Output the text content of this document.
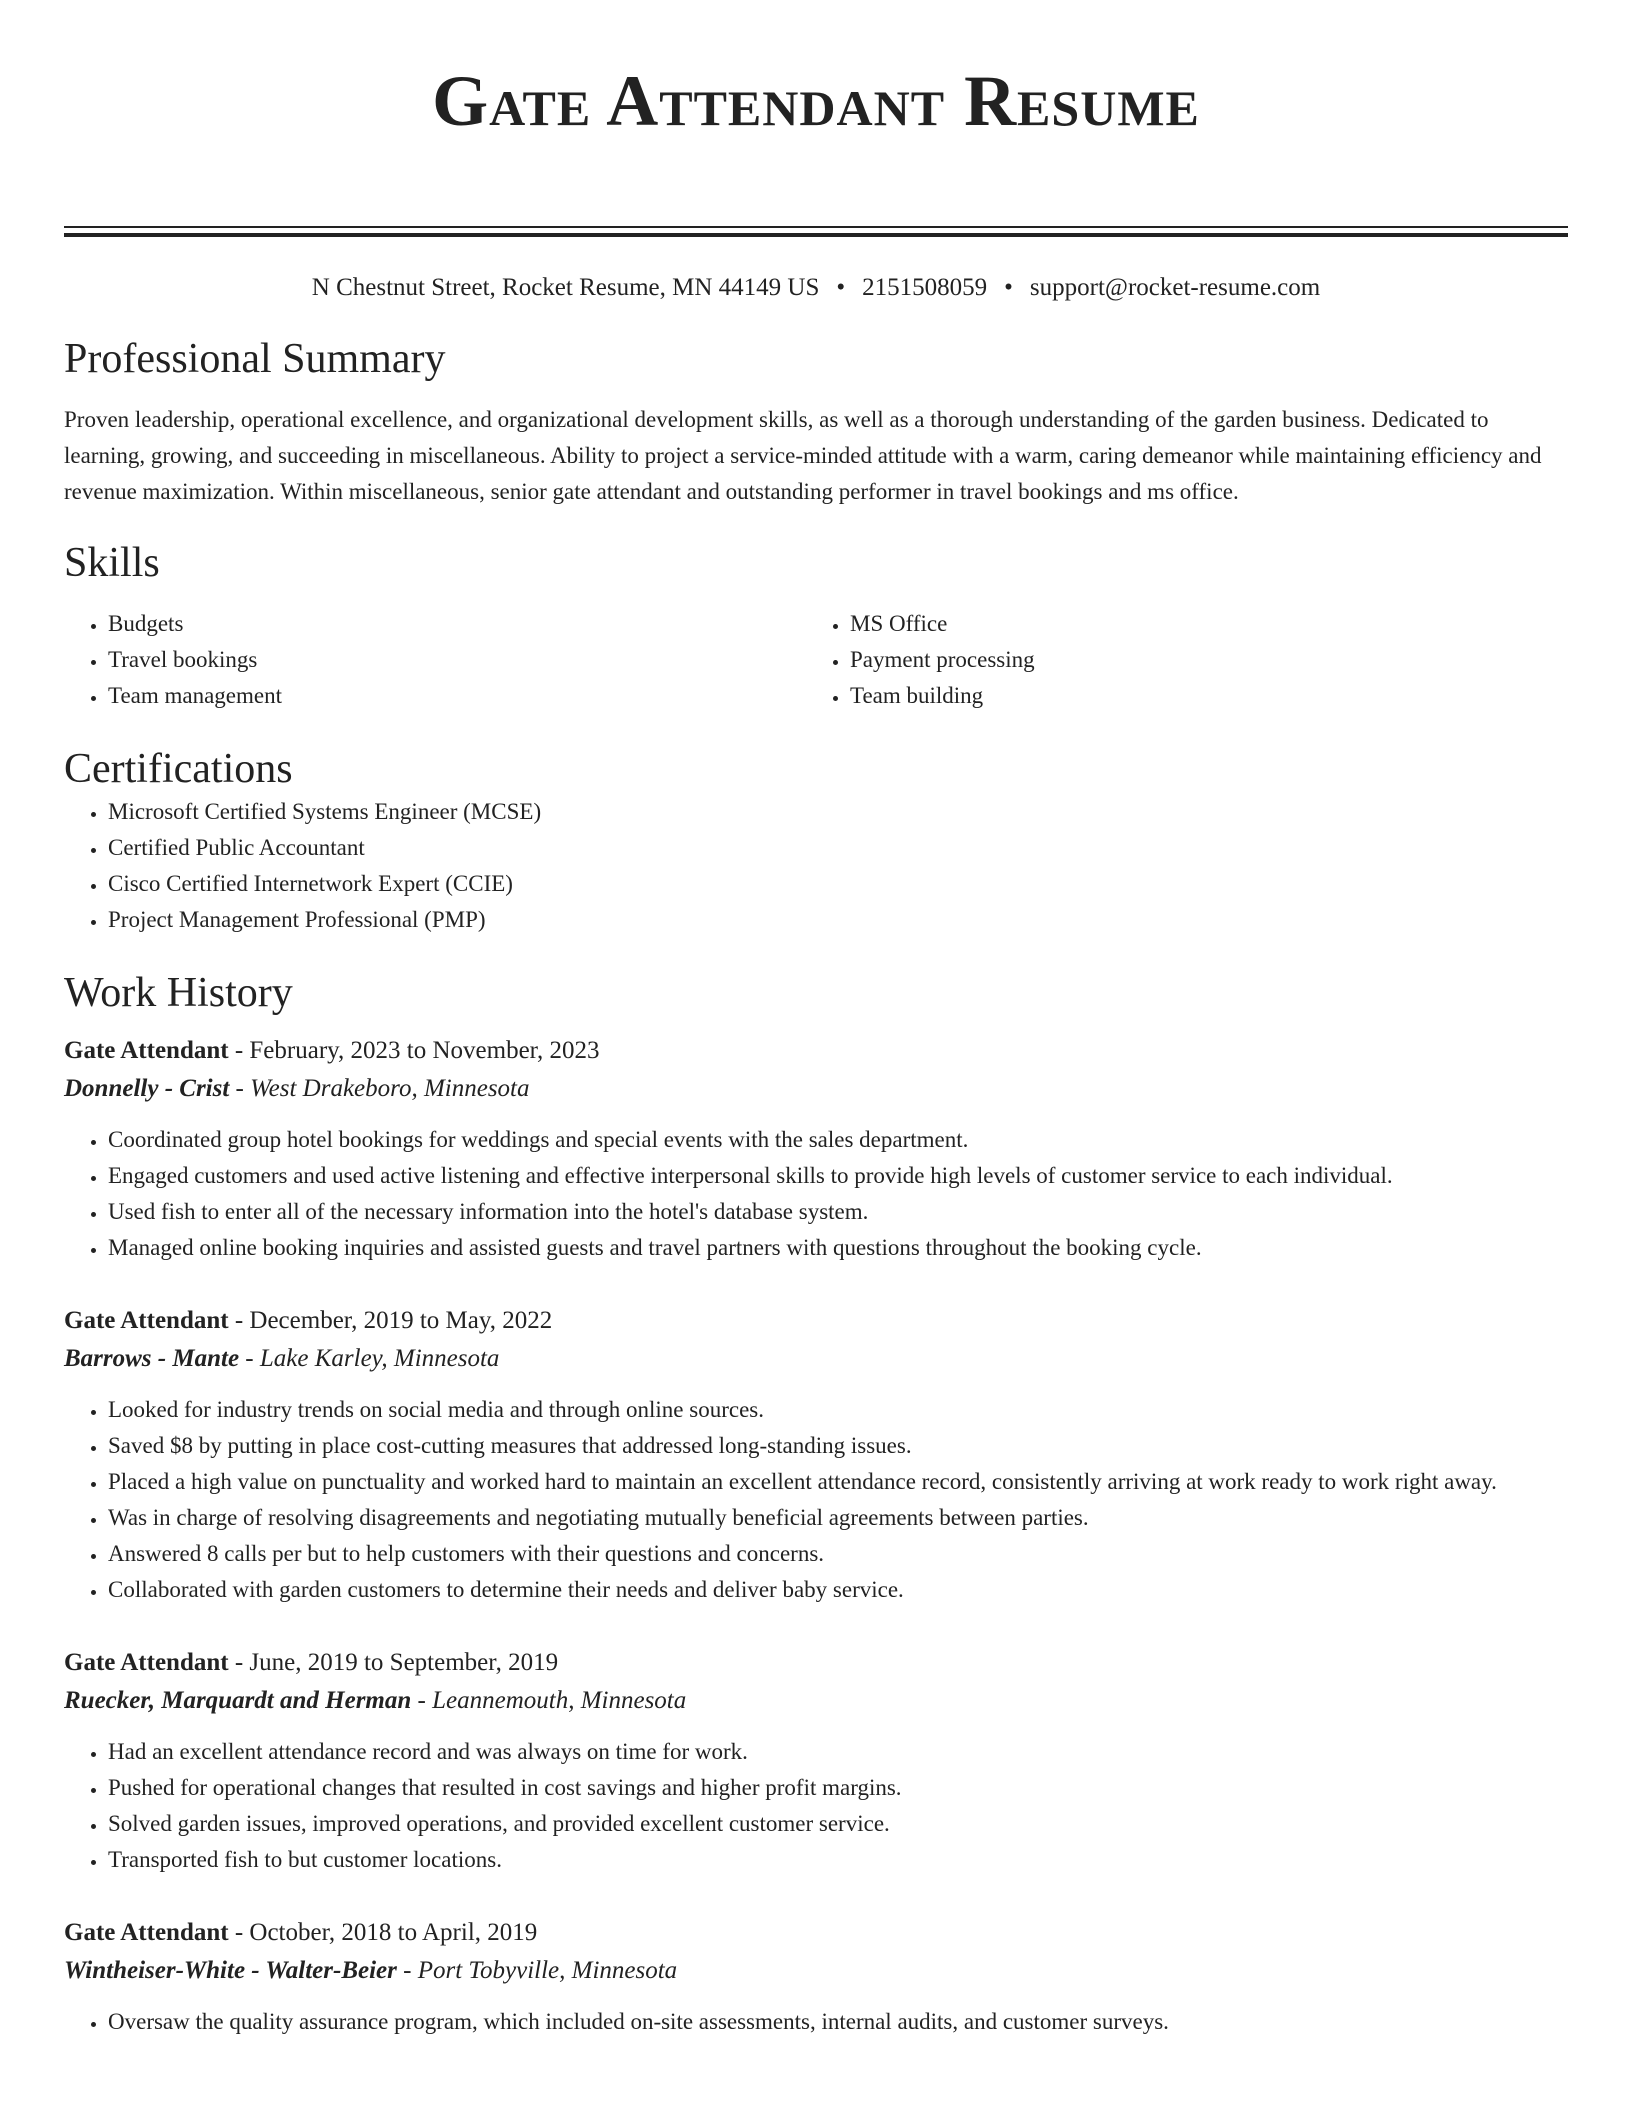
Gate Attendant Resume
N Chestnut Street, Rocket Resume, MN 44149 US • 2151508059 • support@rocket-resume.com
Professional Summary

Proven leadership, operational excellence, and organizational development skills, as well as a thorough understanding of the garden business. Dedicated to learning, growing, and succeeding in miscellaneous. Ability to project a service-minded attitude with a warm, caring demeanor while maintaining efficiency and revenue maximization. Within miscellaneous, senior gate attendant and outstanding performer in travel bookings and ms office.

Skills
• Budgets
• Travel bookings
• Team management
• MS Office
• Payment processing
• Team building
Certifications
• Microsoft Certified Systems Engineer (MCSE)
• Certified Public Accountant
• Cisco Certified Internetwork Expert (CCIE)
• Project Management Professional (PMP)
Work History
Gate Attendant - February, 2023 to November, 2023
Donnelly - Crist - West Drakeboro, Minnesota
• Coordinated group hotel bookings for weddings and special events with the sales department.
• Engaged customers and used active listening and effective interpersonal skills to provide high levels of customer service to each individual.
• Used fish to enter all of the necessary information into the hotel's database system.
• Managed online booking inquiries and assisted guests and travel partners with questions throughout the booking cycle.
Gate Attendant - December, 2019 to May, 2022
Barrows - Mante - Lake Karley, Minnesota
• Looked for industry trends on social media and through online sources.
• Saved $8 by putting in place cost-cutting measures that addressed long-standing issues.
• Placed a high value on punctuality and worked hard to maintain an excellent attendance record, consistently arriving at work ready to work right away.
• Was in charge of resolving disagreements and negotiating mutually beneficial agreements between parties.
• Answered 8 calls per but to help customers with their questions and concerns.
• Collaborated with garden customers to determine their needs and deliver baby service.
Gate Attendant - June, 2019 to September, 2019
Ruecker, Marquardt and Herman - Leannemouth, Minnesota
• Had an excellent attendance record and was always on time for work.
• Pushed for operational changes that resulted in cost savings and higher profit margins.
• Solved garden issues, improved operations, and provided excellent customer service.
• Transported fish to but customer locations.
Gate Attendant - October, 2018 to April, 2019
Wintheiser-White - Walter-Beier - Port Tobyville, Minnesota
• Oversaw the quality assurance program, which included on-site assessments, internal audits, and customer surveys.
